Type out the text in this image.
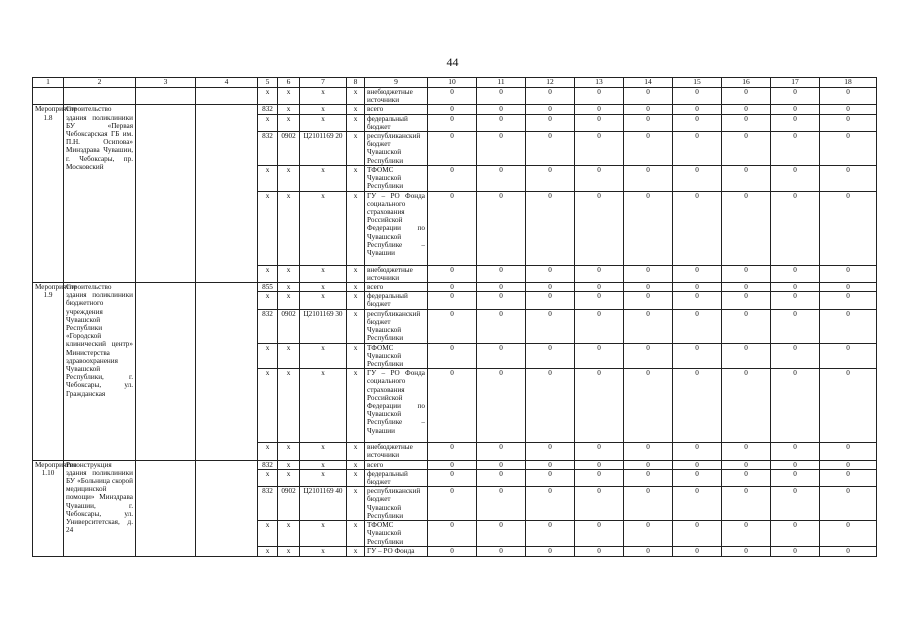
44
1	2	3	4	5	6	7	8	9	10	11	12	13	14	15	16	17	18
				x	x	x	x	внебюджетные источники	0	0	0	0	0	0	0	0	0
Мероприятие 1.8	Строительство здания поликлиники БУ «Первая Чебоксарская ГБ им. П.Н. Осипова» Минздрава Чувашии, г. Чебоксары, пр. Московский			832	x	x	x	всего	0	0	0	0	0	0	0	0	0
				x	x	x	x	федеральный бюджет	0	0	0	0	0	0	0	0	0
				832	0902	Ц2101169 20	x	республиканский бюджет Чувашской Республики	0	0	0	0	0	0	0	0	0
				x	x	x	x	ТФОМС Чувашской Республики	0	0	0	0	0	0	0	0	0
				x	x	x	x	ГУ – РО Фонда социального страхования Российской Федерации по Чувашской Республике – Чувашии	0	0	0	0	0	0	0	0	0
				x	x	x	x	внебюджетные источники	0	0	0	0	0	0	0	0	0
Мероприятие 1.9	Строительство здания поликлиники бюджетного учреждения Чувашской Республики «Городской клинический центр» Министерства здравоохранения Чувашской Республики, г. Чебоксары, ул. Гражданская			855	x	x	x	всего	0	0	0	0	0	0	0	0	0
				x	x	x	x	федеральный бюджет	0	0	0	0	0	0	0	0	0
				832	0902	Ц2101169 30	x	республиканский бюджет Чувашской Республики	0	0	0	0	0	0	0	0	0
				x	x	x	x	ТФОМС Чувашской Республики	0	0	0	0	0	0	0	0	0
				x	x	x	x	ГУ – РО Фонда социального страхования Российской Федерации по Чувашской Республике – Чувашии	0	0	0	0	0	0	0	0	0
				x	x	x	x	внебюджетные источники	0	0	0	0	0	0	0	0	0
Мероприятие 1.10	Реконструкция здания поликлиники БУ «Больница скорой медицинской помощи» Минздрава Чувашии, г. Чебоксары, ул. Университетская, д. 24			832	x	x	x	всего	0	0	0	0	0	0	0	0	0
				x	x	x	x	федеральный бюджет	0	0	0	0	0	0	0	0	0
				832	0902	Ц2101169 40	x	республиканский бюджет Чувашской Республики	0	0	0	0	0	0	0	0	0
				x	x	x	x	ТФОМС Чувашской Республики	0	0	0	0	0	0	0	0	0
				x	x	x	x	ГУ – РО Фонда	0	0	0	0	0	0	0	0	0
